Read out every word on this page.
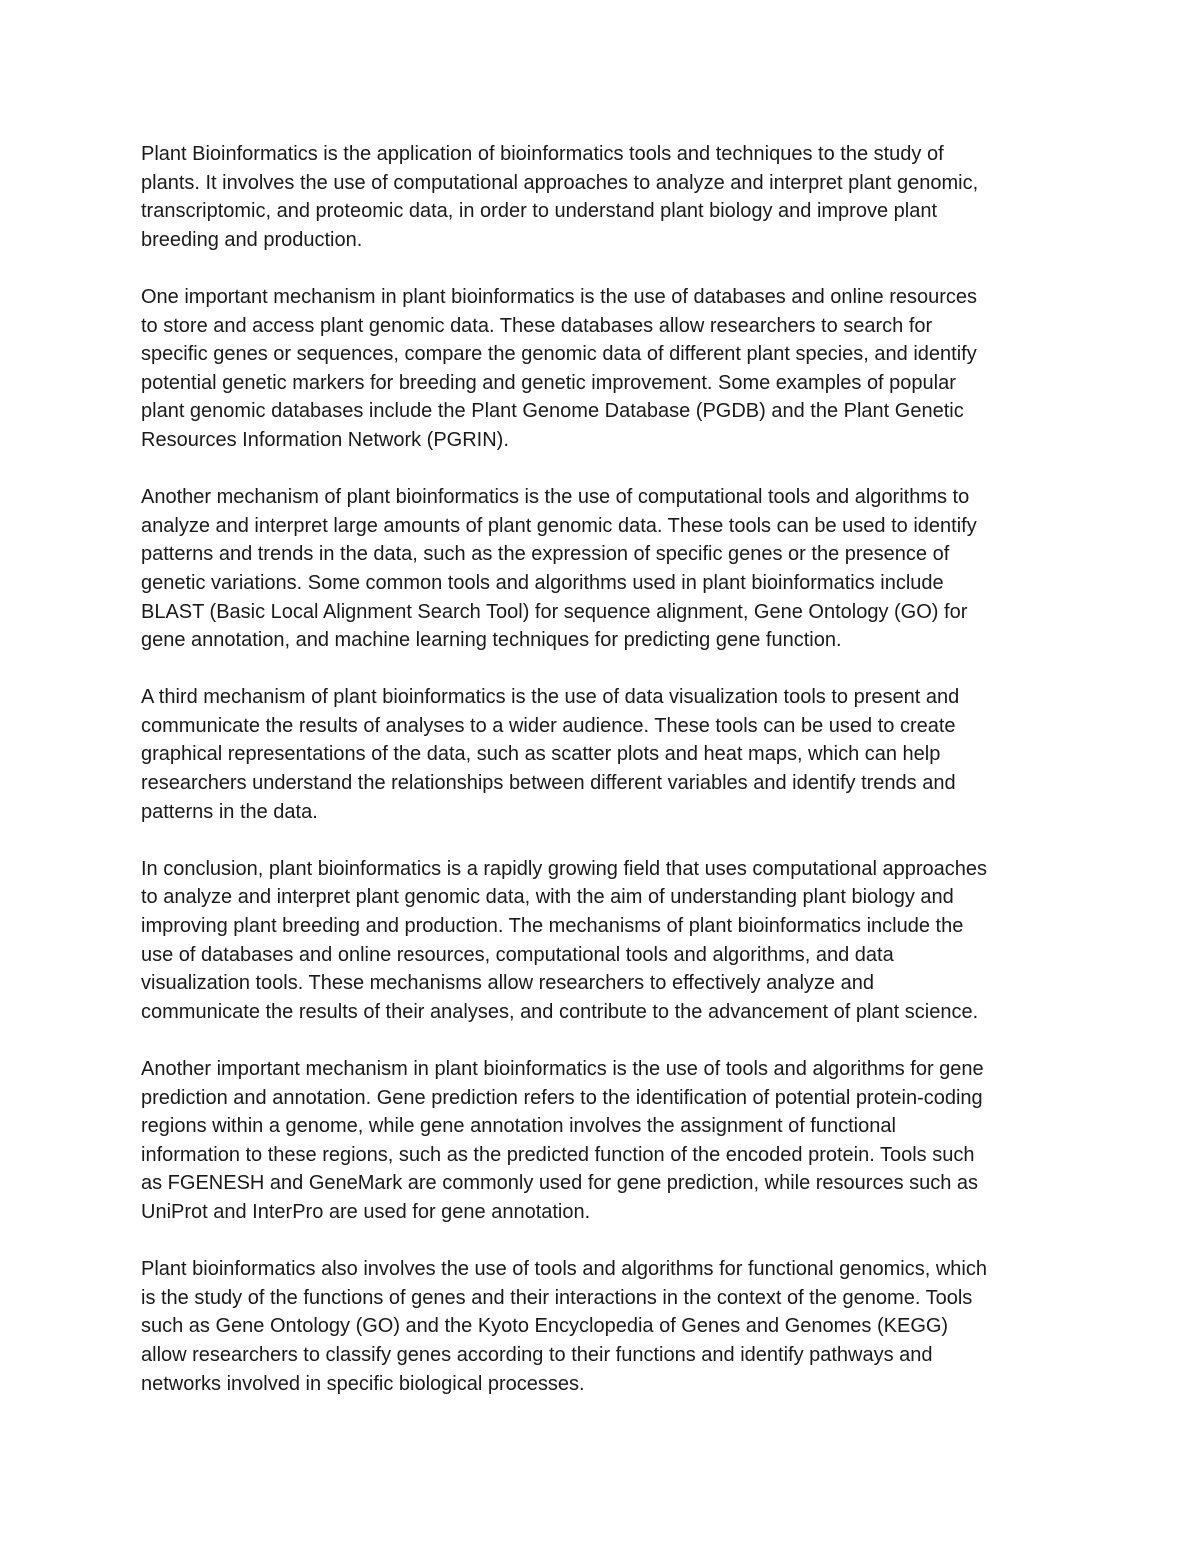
Plant Bioinformatics is the application of bioinformatics tools and techniques to the study of
plants. It involves the use of computational approaches to analyze and interpret plant genomic,
transcriptomic, and proteomic data, in order to understand plant biology and improve plant
breeding and production.

One important mechanism in plant bioinformatics is the use of databases and online resources
to store and access plant genomic data. These databases allow researchers to search for
specific genes or sequences, compare the genomic data of different plant species, and identify
potential genetic markers for breeding and genetic improvement. Some examples of popular
plant genomic databases include the Plant Genome Database (PGDB) and the Plant Genetic
Resources Information Network (PGRIN).

Another mechanism of plant bioinformatics is the use of computational tools and algorithms to
analyze and interpret large amounts of plant genomic data. These tools can be used to identify
patterns and trends in the data, such as the expression of specific genes or the presence of
genetic variations. Some common tools and algorithms used in plant bioinformatics include
BLAST (Basic Local Alignment Search Tool) for sequence alignment, Gene Ontology (GO) for
gene annotation, and machine learning techniques for predicting gene function.

A third mechanism of plant bioinformatics is the use of data visualization tools to present and
communicate the results of analyses to a wider audience. These tools can be used to create
graphical representations of the data, such as scatter plots and heat maps, which can help
researchers understand the relationships between different variables and identify trends and
patterns in the data.

In conclusion, plant bioinformatics is a rapidly growing field that uses computational approaches
to analyze and interpret plant genomic data, with the aim of understanding plant biology and
improving plant breeding and production. The mechanisms of plant bioinformatics include the
use of databases and online resources, computational tools and algorithms, and data
visualization tools. These mechanisms allow researchers to effectively analyze and
communicate the results of their analyses, and contribute to the advancement of plant science.

Another important mechanism in plant bioinformatics is the use of tools and algorithms for gene
prediction and annotation. Gene prediction refers to the identification of potential protein-coding
regions within a genome, while gene annotation involves the assignment of functional
information to these regions, such as the predicted function of the encoded protein. Tools such
as FGENESH and GeneMark are commonly used for gene prediction, while resources such as
UniProt and InterPro are used for gene annotation.

Plant bioinformatics also involves the use of tools and algorithms for functional genomics, which
is the study of the functions of genes and their interactions in the context of the genome. Tools
such as Gene Ontology (GO) and the Kyoto Encyclopedia of Genes and Genomes (KEGG)
allow researchers to classify genes according to their functions and identify pathways and
networks involved in specific biological processes.
